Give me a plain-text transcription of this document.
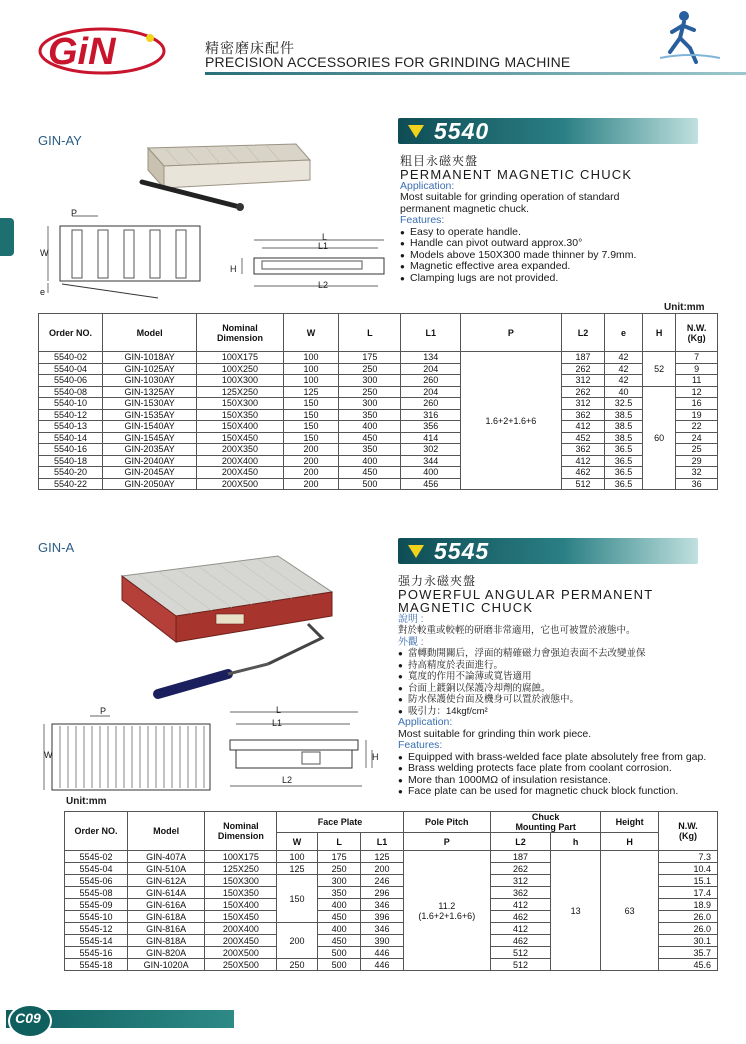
GiN	精密磨床配件
PRECISION ACCESSORIES FOR GRINDING MACHINE
GIN-AY
P
W
e
L
L1
L2
H
5540
粗目永磁夾盤
PERMANENT MAGNETIC CHUCK
Application:
Most suitable for grinding operation of standard
permanent magnetic chuck.
Features:
● Easy to operate handle.
● Handle can pivot outward approx.30°
● Models above 150X300 made thinner by 7.9mm.
● Magnetic effective area expanded.
● Clamping lugs are not provided.
Unit:mm
Order NO.	Model	Nominal
Dimension	W	L	L1	P	L2	e	H	N.W.
(Kg)
5540-02	GIN-1018AY	100X175	100	175	134	1.6+2+1.6+6	187	42	52	7
5540-04	GIN-1025AY	100X250	100	250	204		262	42		9
5540-06	GIN-1030AY	100X300	100	300	260		312	42		11
5540-08	GIN-1325AY	125X250	125	250	204		262	40	60	12
5540-10	GIN-1530AY	150X300	150	300	260		312	32.5		16
5540-12	GIN-1535AY	150X350	150	350	316		362	38.5		19
5540-13	GIN-1540AY	150X400	150	400	356		412	38.5		22
5540-14	GIN-1545AY	150X450	150	450	414		452	38.5		24
5540-16	GIN-2035AY	200X350	200	350	302		362	36.5		25
5540-18	GIN-2040AY	200X400	200	400	344		412	36.5		29
5540-20	GIN-2045AY	200X450	200	450	400		462	36.5		32
5540-22	GIN-2050AY	200X500	200	500	456		512	36.5		36
GIN-A
P
W
L
L1
L2
H
5545
强力永磁夾盤
POWERFUL ANGULAR PERMANENT
MAGNETIC CHUCK
說明 :
對於較重或較輕的研磨非常適用，它也可被置於液態中。
外觀 :
● 當轉動開關后，浮面的精確磁力會强迫表面不去改變並保
● 持高精度於表面進行。
● 寬度的作用不論薄或寬皆適用
● 台面上鍍銅以保護冷却劑的腐蝕。
● 防水保護使台面及機身可以置於液態中。
● 吸引力：14kgf/cm²
Application:
Most suitable for grinding thin work piece.
Features:
● Equipped with brass-welded face plate absolutely free from gap.
● Brass welding protects face plate from coolant corrosion.
● More than 1000MΩ of insulation resistance.
● Face plate can be used for magnetic chuck block function.
Unit:mm
Order NO.	Model	Nominal
Dimension	Face Plate			Pole Pitch	Chuck
Mounting Part		Height	N.W.
(Kg)
			W	L	L1	P	L2	h	H	
5545-02	GIN-407A	100X175	100	175	125	11.2
(1.6+2+1.6+6)	187	13	63	7.3
5545-04	GIN-510A	125X250	125	250	200		262			10.4
5545-06	GIN-612A	150X300	150	300	246		312			15.1
5545-08	GIN-614A	150X350		350	296		362			17.4
5545-09	GIN-616A	150X400		400	346		412			18.9
5545-10	GIN-618A	150X450		450	396		462			26.0
5545-12	GIN-816A	200X400	200	400	346		412			26.0
5545-14	GIN-818A	200X450		450	390		462			30.1
5545-16	GIN-820A	200X500		500	446		512			35.7
5545-18	GIN-1020A	250X500	250	500	446		512			45.6
C09
